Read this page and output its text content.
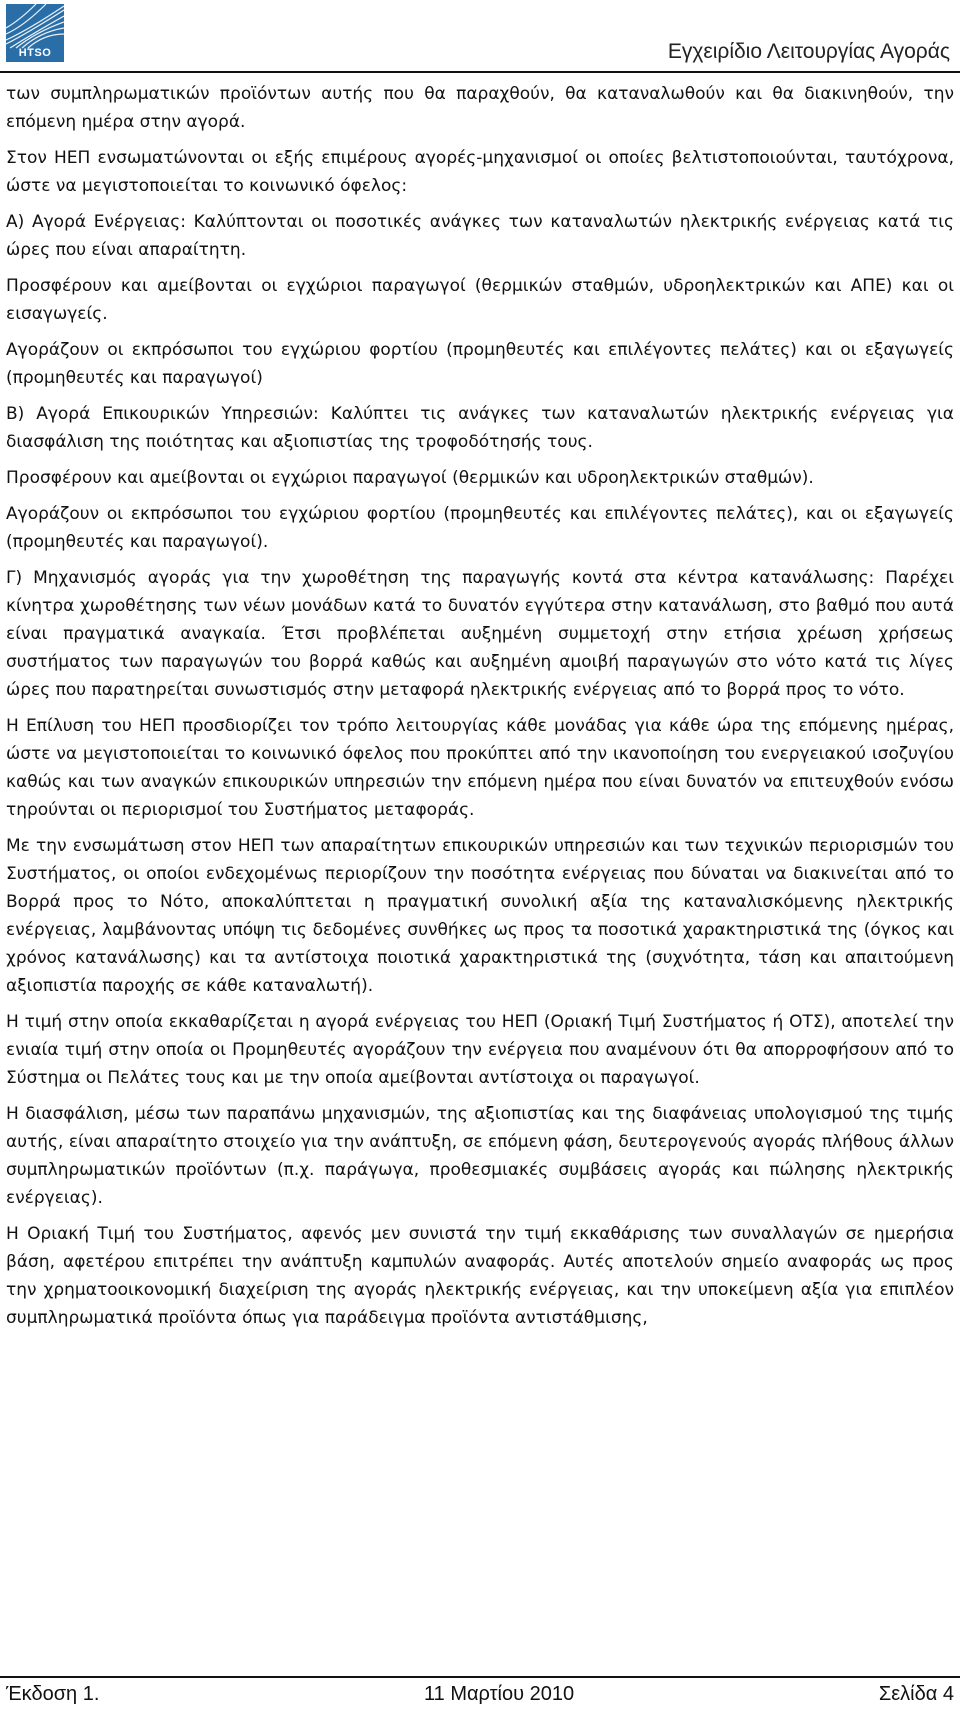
HTSO	Εγχειρίδιο Λειτουργίας Αγοράς

των συμπληρωματικών προϊόντων αυτής που θα παραχθούν, θα καταναλωθούν και θα διακινηθούν, την επόμενη ημέρα στην αγορά.

Στον ΗΕΠ ενσωματώνονται οι εξής επιμέρους αγορές-μηχανισμοί οι οποίες βελτιστοποιούνται, ταυτόχρονα, ώστε να μεγιστοποιείται το κοινωνικό όφελος:

Α) Αγορά Ενέργειας: Καλύπτονται οι ποσοτικές ανάγκες των καταναλωτών ηλεκτρικής ενέργειας κατά τις ώρες που είναι απαραίτητη.

Προσφέρουν και αμείβονται οι εγχώριοι παραγωγοί (θερμικών σταθμών, υδροηλεκτρικών και ΑΠΕ) και οι εισαγωγείς.

Αγοράζουν οι εκπρόσωποι του εγχώριου φορτίου (προμηθευτές και επιλέγοντες πελάτες) και οι εξαγωγείς (προμηθευτές και παραγωγοί)

Β) Αγορά Επικουρικών Υπηρεσιών: Καλύπτει τις ανάγκες των καταναλωτών ηλεκτρικής ενέργειας για διασφάλιση της ποιότητας και αξιοπιστίας της τροφοδότησής τους.

Προσφέρουν και αμείβονται οι εγχώριοι παραγωγοί (θερμικών και υδροηλεκτρικών σταθμών).

Αγοράζουν οι εκπρόσωποι του εγχώριου φορτίου (προμηθευτές και επιλέγοντες πελάτες), και οι εξαγωγείς (προμηθευτές και παραγωγοί).

Γ) Μηχανισμός αγοράς για την χωροθέτηση της παραγωγής κοντά στα κέντρα κατανάλωσης: Παρέχει κίνητρα χωροθέτησης των νέων μονάδων κατά το δυνατόν εγγύτερα στην κατανάλωση, στο βαθμό που αυτά είναι πραγματικά αναγκαία. Έτσι προβλέπεται αυξημένη συμμετοχή στην ετήσια χρέωση χρήσεως συστήματος των παραγωγών του βορρά καθώς και αυξημένη αμοιβή παραγωγών στο νότο κατά τις λίγες ώρες που παρατηρείται συνωστισμός στην μεταφορά ηλεκτρικής ενέργειας από το βορρά προς το νότο.

Η Επίλυση του ΗΕΠ προσδιορίζει τον τρόπο λειτουργίας κάθε μονάδας για κάθε ώρα της επόμενης ημέρας, ώστε να μεγιστοποιείται το κοινωνικό όφελος που προκύπτει από την ικανοποίηση του ενεργειακού ισοζυγίου καθώς και των αναγκών επικουρικών υπηρεσιών την επόμενη ημέρα που είναι δυνατόν να επιτευχθούν ενόσω τηρούνται οι περιορισμοί του Συστήματος μεταφοράς.

Με την ενσωμάτωση στον ΗΕΠ των απαραίτητων επικουρικών υπηρεσιών και των τεχνικών περιορισμών του Συστήματος, οι οποίοι ενδεχομένως περιορίζουν την ποσότητα ενέργειας που δύναται να διακινείται από το Βορρά προς το Νότο, αποκαλύπτεται η πραγματική συνολική αξία της καταναλισκόμενης ηλεκτρικής ενέργειας, λαμβάνοντας υπόψη τις δεδομένες συνθήκες ως προς τα ποσοτικά χαρακτηριστικά της (όγκος και χρόνος κατανάλωσης) και τα αντίστοιχα ποιοτικά χαρακτηριστικά της (συχνότητα, τάση και απαιτούμενη αξιοπιστία παροχής σε κάθε καταναλωτή).

Η τιμή στην οποία εκκαθαρίζεται η αγορά ενέργειας του ΗΕΠ (Οριακή Τιμή Συστήματος ή ΟΤΣ), αποτελεί την ενιαία τιμή στην οποία οι Προμηθευτές αγοράζουν την ενέργεια που αναμένουν ότι θα απορροφήσουν από το Σύστημα οι Πελάτες τους και με την οποία αμείβονται αντίστοιχα οι παραγωγοί.

Η διασφάλιση, μέσω των παραπάνω μηχανισμών, της αξιοπιστίας και της διαφάνειας υπολογισμού της τιμής αυτής, είναι απαραίτητο στοιχείο για την ανάπτυξη, σε επόμενη φάση, δευτερογενούς αγοράς πλήθους άλλων συμπληρωματικών προϊόντων (π.χ. παράγωγα, προθεσμιακές συμβάσεις αγοράς και πώλησης ηλεκτρικής ενέργειας).

Η Οριακή Τιμή του Συστήματος, αφενός μεν συνιστά την τιμή εκκαθάρισης των συναλλαγών σε ημερήσια βάση, αφετέρου επιτρέπει την ανάπτυξη καμπυλών αναφοράς. Αυτές αποτελούν σημείο αναφοράς ως προς την χρηματοοικονομική διαχείριση της αγοράς ηλεκτρικής ενέργειας, και την υποκείμενη αξία για επιπλέον συμπληρωματικά προϊόντα όπως για παράδειγμα προϊόντα αντιστάθμισης,

Έκδοση 1.	11 Μαρτίου 2010	Σελίδα 4
